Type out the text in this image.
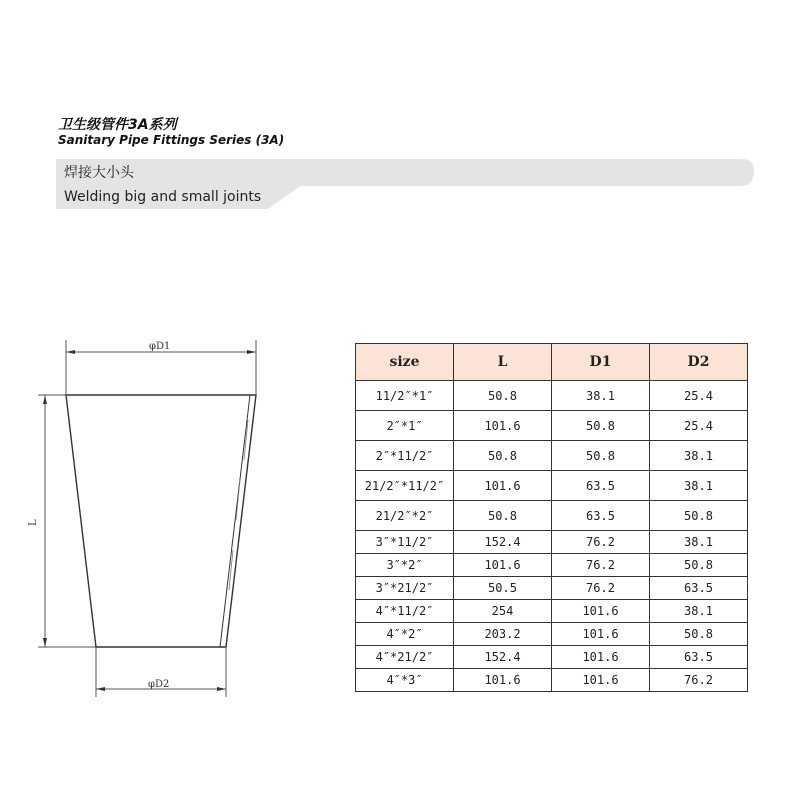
卫生级管件3A系列
Sanitary Pipe Fittings Series (3A)
焊接大小头
Welding big and small joints
φD1
L
φD2
size	L	D1	D2
11/2″*1″	50.8	38.1	25.4
2″*1″	101.6	50.8	25.4
2″*11/2″	50.8	50.8	38.1
21/2″*11/2″	101.6	63.5	38.1
21/2″*2″	50.8	63.5	50.8
3″*11/2″	152.4	76.2	38.1
3″*2″	101.6	76.2	50.8
3″*21/2″	50.5	76.2	63.5
4″*11/2″	254	101.6	38.1
4″*2″	203.2	101.6	50.8
4″*21/2″	152.4	101.6	63.5
4″*3″	101.6	101.6	76.2
